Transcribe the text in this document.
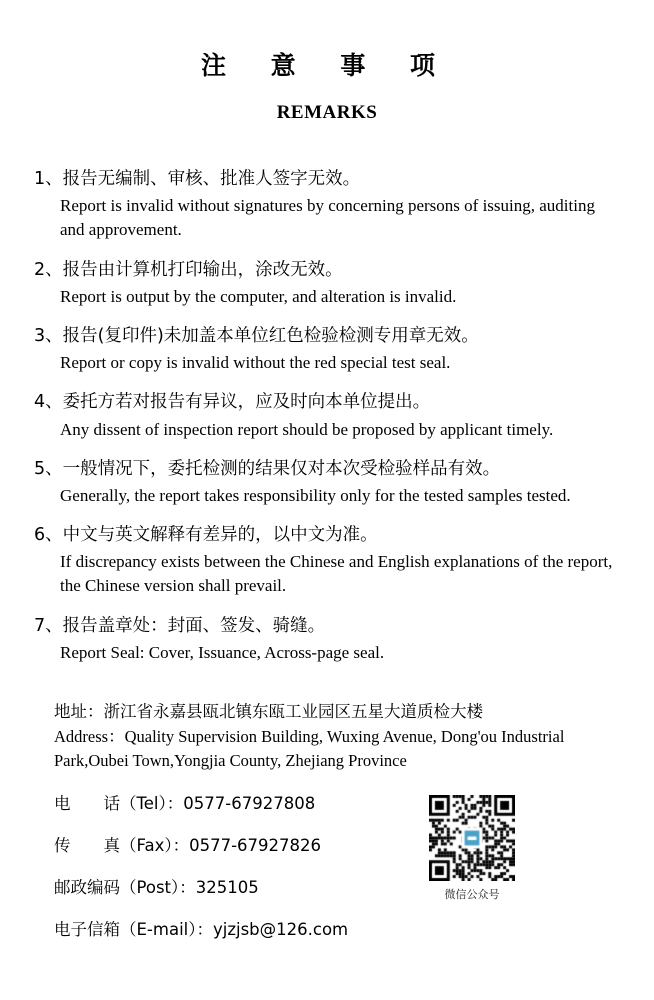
注 意 事 项
REMARKS
1、报告无编制、审核、批准人签字无效。
Report is invalid without signatures by concerning persons of issuing, auditing and approvement.
2、报告由计算机打印输出，涂改无效。
Report is output by the computer, and alteration is invalid.
3、报告(复印件)未加盖本单位红色检验检测专用章无效。
Report or copy is invalid without the red special test seal.
4、委托方若对报告有异议，应及时向本单位提出。
Any dissent of inspection report should be proposed by applicant timely.
5、一般情况下，委托检测的结果仅对本次受检验样品有效。
Generally, the report takes responsibility only for the tested samples tested.
6、中文与英文解释有差异的，以中文为准。
If discrepancy exists between the Chinese and English explanations of the report, the Chinese version shall prevail.
7、报告盖章处：封面、签发、骑缝。
Report Seal: Cover, Issuance, Across-page seal.
地址：浙江省永嘉县瓯北镇东瓯工业园区五星大道质检大楼
Address：Quality Supervision Building, Wuxing Avenue, Dong'ou Industrial Park,Oubei Town,Yongjia County, Zhejiang Province
电　　话（Tel）：0577-67927808
传　　真（Fax）：0577-67927826
邮政编码（Post）：325105
电子信箱（E-mail）：yjzjsb@126.com
微信公众号
